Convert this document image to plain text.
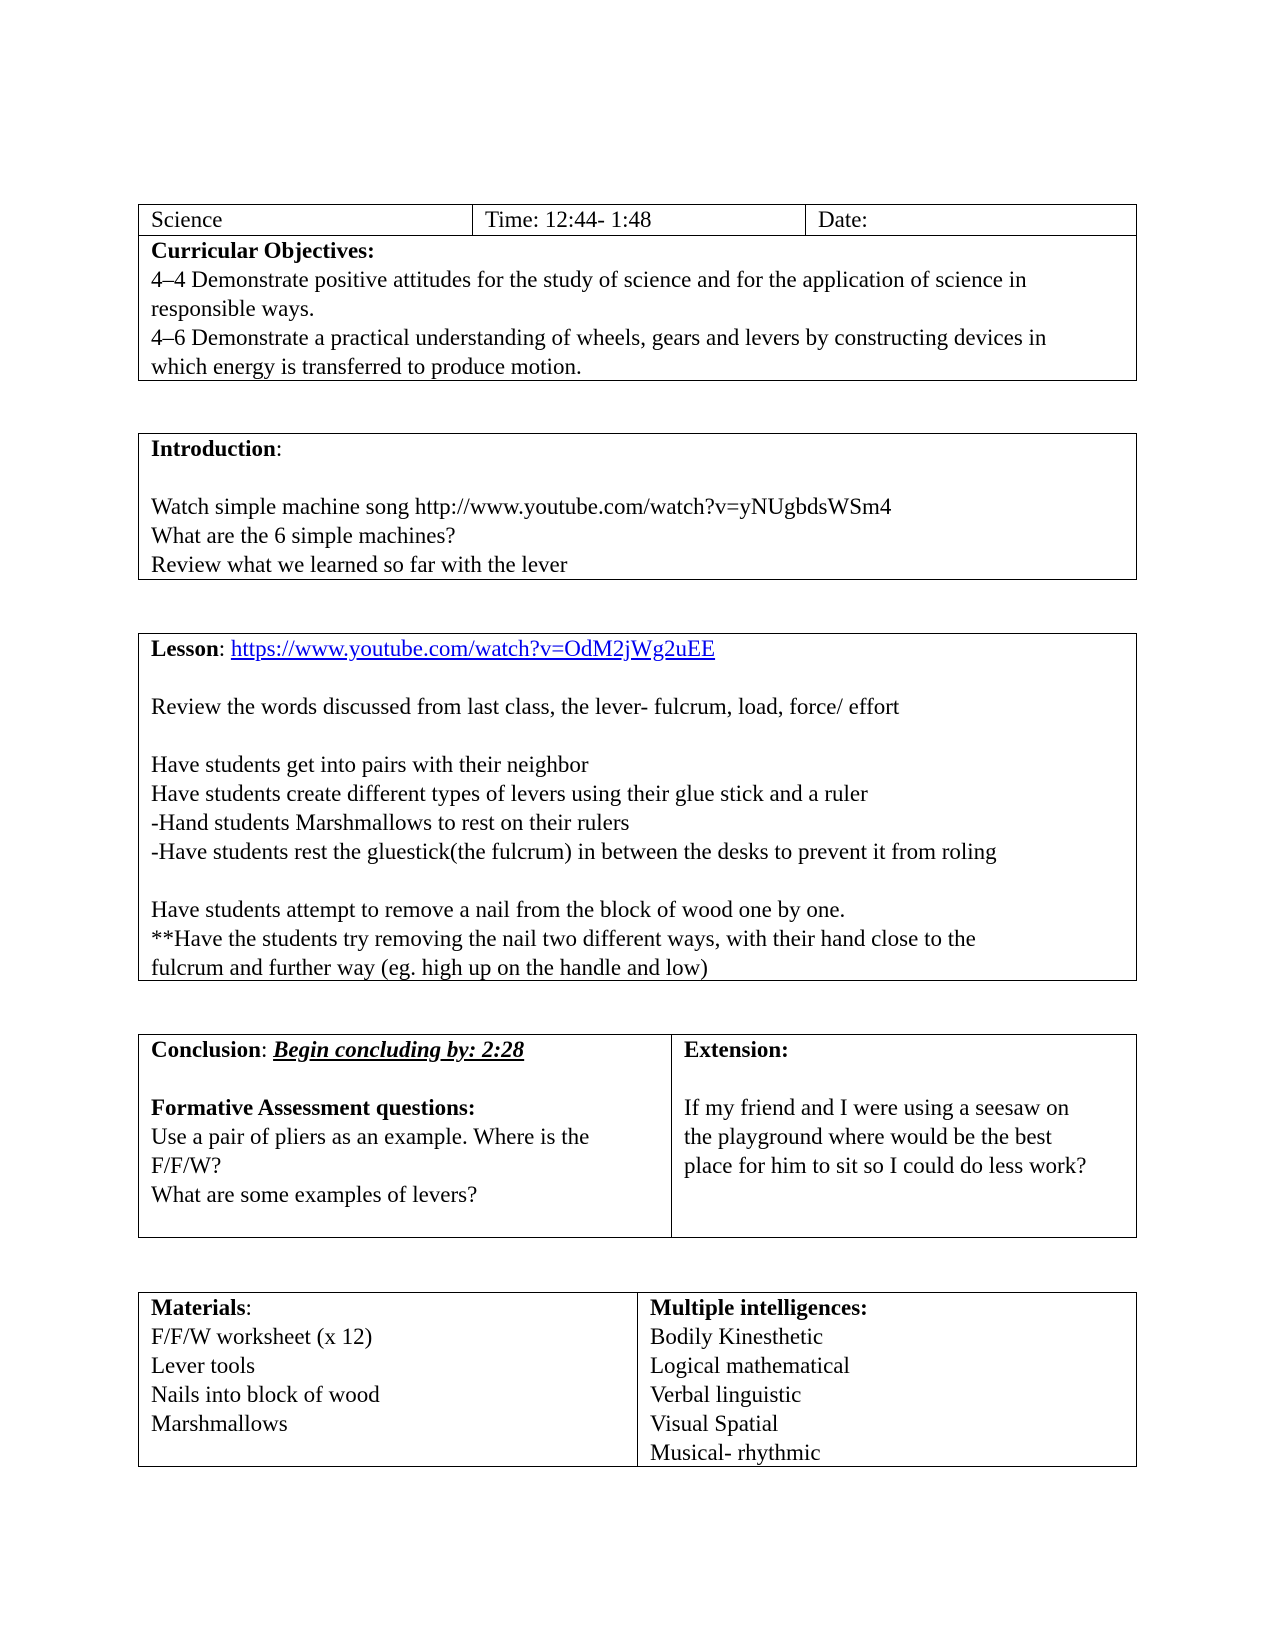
Science	Time: 12:44- 1:48	Date:
Curricular Objectives:
4–4 Demonstrate positive attitudes for the study of science and for the application of science in
responsible ways.
4–6 Demonstrate a practical understanding of wheels, gears and levers by constructing devices in
which energy is transferred to produce motion.
Introduction:
Watch simple machine song http://www.youtube.com/watch?v=yNUgbdsWSm4
What are the 6 simple machines?
Review what we learned so far with the lever
Lesson: https://www.youtube.com/watch?v=OdM2jWg2uEE
Review the words discussed from last class, the lever- fulcrum, load, force/ effort
Have students get into pairs with their neighbor
Have students create different types of levers using their glue stick and a ruler
-Hand students Marshmallows to rest on their rulers
-Have students rest the gluestick(the fulcrum) in between the desks to prevent it from roling
Have students attempt to remove a nail from the block of wood one by one.
**Have the students try removing the nail two different ways, with their hand close to the
fulcrum and further way (eg. high up on the handle and low)
Conclusion: Begin concluding by: 2:28
Formative Assessment questions:
Use a pair of pliers as an example. Where is the
F/F/W?
What are some examples of levers?
Extension:
If my friend and I were using a seesaw on
the playground where would be the best
place for him to sit so I could do less work?
Materials:
F/F/W worksheet (x 12)
Lever tools
Nails into block of wood
Marshmallows
Multiple intelligences:
Bodily Kinesthetic
Logical mathematical
Verbal linguistic
Visual Spatial
Musical- rhythmic
